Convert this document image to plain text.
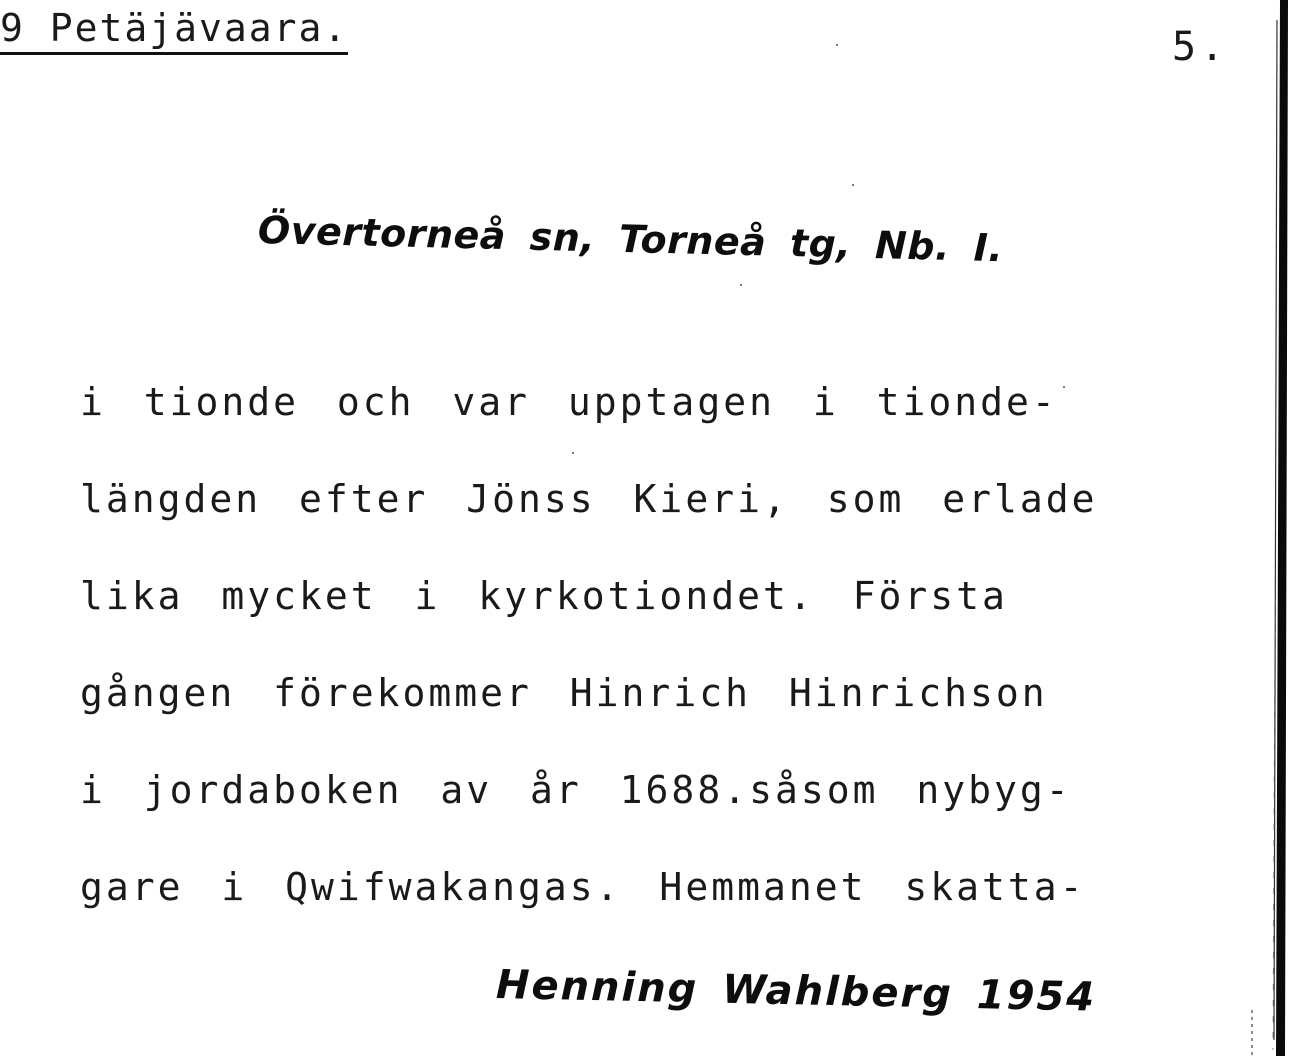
9 Petäjävaara.	5.
Övertorneå sn, Torneå tg, Nb. I.
i tionde och var upptagen i tionde-
längden efter Jönss Kieri, som erlade
lika mycket i kyrkotiondet. Första
gången förekommer Hinrich Hinrichson
i jordaboken av år 1688.såsom nybyg-
gare i Qwifwakangas. Hemmanet skatta-
Henning Wahlberg 1954
